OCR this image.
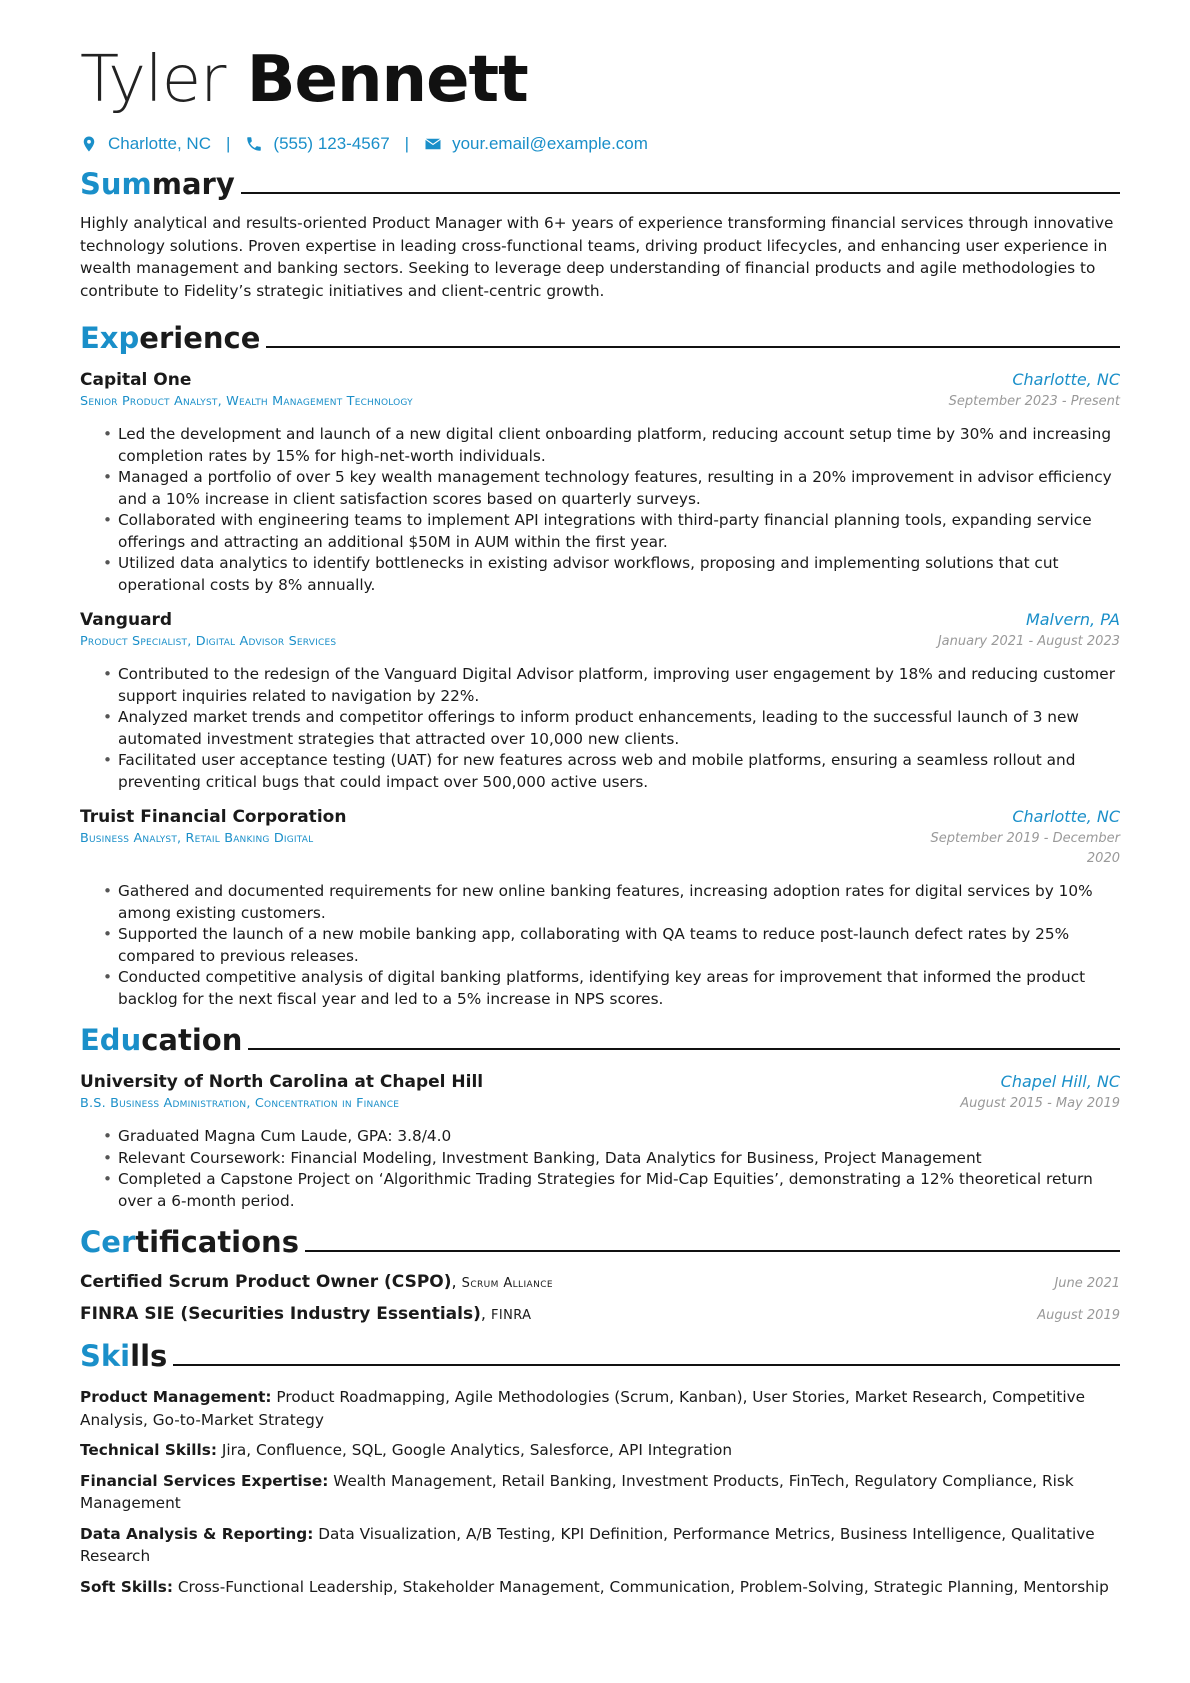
Tyler Bennett
Charlotte, NC |	(555) 123-4567 |	your.email@example.com
Summary
Highly analytical and results-oriented Product Manager with 6+ years of experience transforming financial services through innovative technology solutions. Proven expertise in leading cross-functional teams, driving product lifecycles, and enhancing user experience in wealth management and banking sectors. Seeking to leverage deep understanding of financial products and agile methodologies to contribute to Fidelity’s strategic initiatives and client-centric growth.
Experience
Capital One	Charlotte, NC
Senior Product Analyst, Wealth Management Technology	September 2023 - Present
• Led the development and launch of a new digital client onboarding platform, reducing account setup time by 30% and increasing completion rates by 15% for high-net-worth individuals.
• Managed a portfolio of over 5 key wealth management technology features, resulting in a 20% improvement in advisor efficiency and a 10% increase in client satisfaction scores based on quarterly surveys.
• Collaborated with engineering teams to implement API integrations with third-party financial planning tools, expanding service offerings and attracting an additional $50M in AUM within the first year.
• Utilized data analytics to identify bottlenecks in existing advisor workflows, proposing and implementing solutions that cut operational costs by 8% annually.
Vanguard	Malvern, PA
Product Specialist, Digital Advisor Services	January 2021 - August 2023
• Contributed to the redesign of the Vanguard Digital Advisor platform, improving user engagement by 18% and reducing customer support inquiries related to navigation by 22%.
• Analyzed market trends and competitor offerings to inform product enhancements, leading to the successful launch of 3 new automated investment strategies that attracted over 10,000 new clients.
• Facilitated user acceptance testing (UAT) for new features across web and mobile platforms, ensuring a seamless rollout and preventing critical bugs that could impact over 500,000 active users.
Truist Financial Corporation	Charlotte, NC
Business Analyst, Retail Banking Digital	September 2019 - December 2020
• Gathered and documented requirements for new online banking features, increasing adoption rates for digital services by 10% among existing customers.
• Supported the launch of a new mobile banking app, collaborating with QA teams to reduce post-launch defect rates by 25% compared to previous releases.
• Conducted competitive analysis of digital banking platforms, identifying key areas for improvement that informed the product backlog for the next fiscal year and led to a 5% increase in NPS scores.
Education
University of North Carolina at Chapel Hill	Chapel Hill, NC
B.S. Business Administration, Concentration in Finance	August 2015 - May 2019
• Graduated Magna Cum Laude, GPA: 3.8/4.0
• Relevant Coursework: Financial Modeling, Investment Banking, Data Analytics for Business, Project Management
• Completed a Capstone Project on ‘Algorithmic Trading Strategies for Mid-Cap Equities’, demonstrating a 12% theoretical return over a 6-month period.
Certifications
Certified Scrum Product Owner (CSPO), Scrum Alliance	June 2021
FINRA SIE (Securities Industry Essentials), FINRA	August 2019
Skills
Product Management: Product Roadmapping, Agile Methodologies (Scrum, Kanban), User Stories, Market Research, Competitive Analysis, Go-to-Market Strategy
Technical Skills: Jira, Confluence, SQL, Google Analytics, Salesforce, API Integration
Financial Services Expertise: Wealth Management, Retail Banking, Investment Products, FinTech, Regulatory Compliance, Risk Management
Data Analysis & Reporting: Data Visualization, A/B Testing, KPI Definition, Performance Metrics, Business Intelligence, Qualitative Research
Soft Skills: Cross-Functional Leadership, Stakeholder Management, Communication, Problem-Solving, Strategic Planning, Mentorship
